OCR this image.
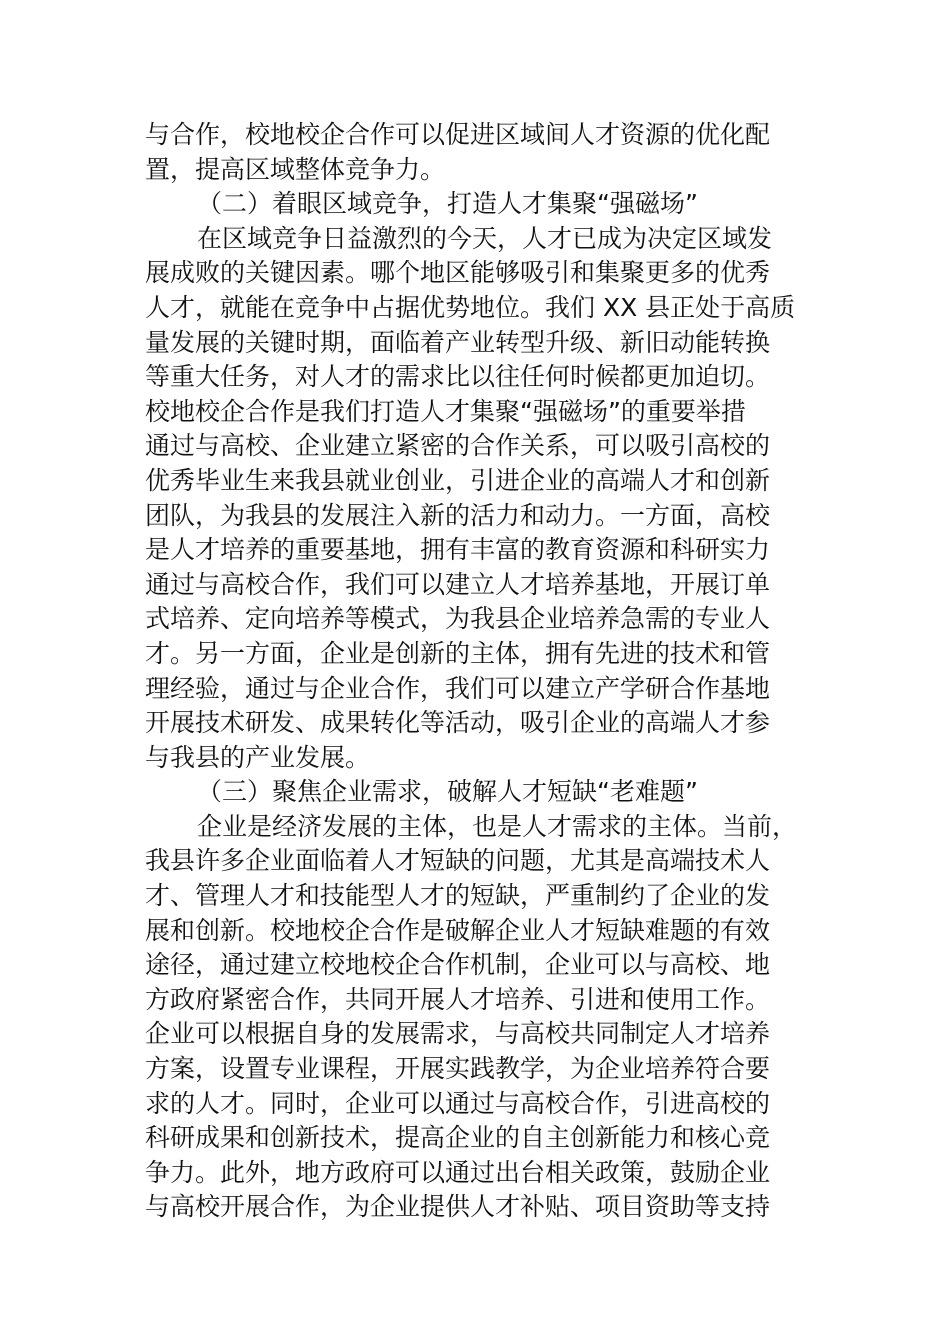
与合作，校地校企合作可以促进区域间人才资源的优化配
置，提高区域整体竞争力。
（二）着眼区域竞争，打造人才集聚“强磁场”
在区域竞争日益激烈的今天，人才已成为决定区域发
展成败的关键因素。哪个地区能够吸引和集聚更多的优秀
人才，就能在竞争中占据优势地位。我们 XX 县正处于高质
量发展的关键时期，面临着产业转型升级、新旧动能转换
等重大任务，对人才的需求比以往任何时候都更加迫切。
校地校企合作是我们打造人才集聚“强磁场”的重要举措
通过与高校、企业建立紧密的合作关系，可以吸引高校的
优秀毕业生来我县就业创业，引进企业的高端人才和创新
团队，为我县的发展注入新的活力和动力。一方面，高校
是人才培养的重要基地，拥有丰富的教育资源和科研实力
通过与高校合作，我们可以建立人才培养基地，开展订单
式培养、定向培养等模式，为我县企业培养急需的专业人
才。另一方面，企业是创新的主体，拥有先进的技术和管
理经验，通过与企业合作，我们可以建立产学研合作基地
开展技术研发、成果转化等活动，吸引企业的高端人才参
与我县的产业发展。
（三）聚焦企业需求，破解人才短缺“老难题”
企业是经济发展的主体，也是人才需求的主体。当前，
我县许多企业面临着人才短缺的问题，尤其是高端技术人
才、管理人才和技能型人才的短缺，严重制约了企业的发
展和创新。校地校企合作是破解企业人才短缺难题的有效
途径，通过建立校地校企合作机制，企业可以与高校、地
方政府紧密合作，共同开展人才培养、引进和使用工作。
企业可以根据自身的发展需求，与高校共同制定人才培养
方案，设置专业课程，开展实践教学，为企业培养符合要
求的人才。同时，企业可以通过与高校合作，引进高校的
科研成果和创新技术，提高企业的自主创新能力和核心竞
争力。此外，地方政府可以通过出台相关政策，鼓励企业
与高校开展合作，为企业提供人才补贴、项目资助等支持
